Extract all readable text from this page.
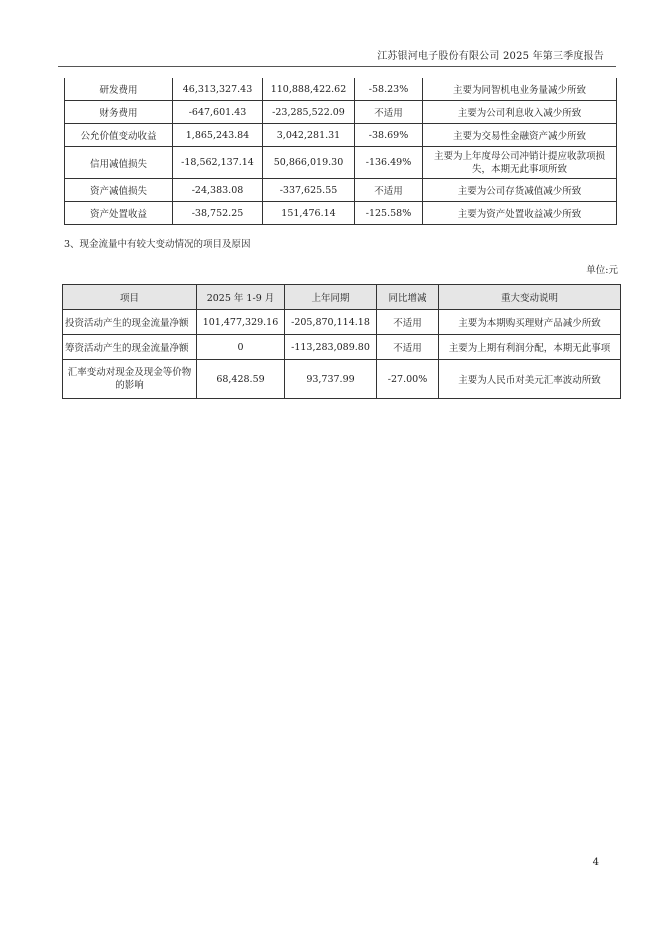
江苏银河电子股份有限公司 2025 年第三季度报告
研发费用	46,313,327.43	110,888,422.62	-58.23%	主要为同智机电业务量减少所致
财务费用	-647,601.43	-23,285,522.09	不适用	主要为公司利息收入减少所致
公允价值变动收益	1,865,243.84	3,042,281.31	-38.69%	主要为交易性金融资产减少所致
信用减值损失	-18,562,137.14	50,866,019.30	-136.49%	主要为上年度母公司冲销计提应收款项损失，本期无此事项所致
资产减值损失	-24,383.08	-337,625.55	不适用	主要为公司存货减值减少所致
资产处置收益	-38,752.25	151,476.14	-125.58%	主要为资产处置收益减少所致
3、现金流量中有较大变动情况的项目及原因
单位:元
项目	2025 年 1-9 月	上年同期	同比增减	重大变动说明
投资活动产生的现金流量净额	101,477,329.16	-205,870,114.18	不适用	主要为本期购买理财产品减少所致
筹资活动产生的现金流量净额	0	-113,283,089.80	不适用	主要为上期有利润分配，本期无此事项
汇率变动对现金及现金等价物的影响	68,428.59	93,737.99	-27.00%	主要为人民币对美元汇率波动所致
4
